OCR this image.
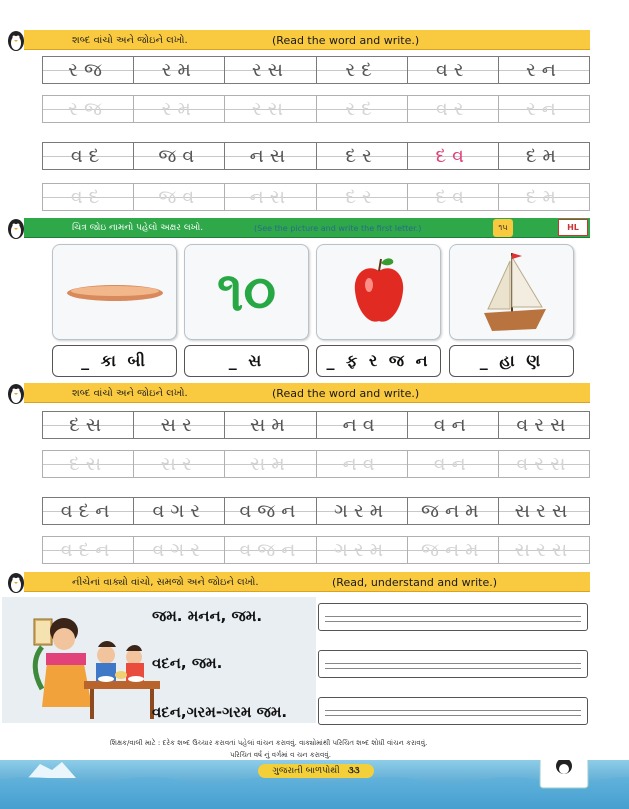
શબ્દ વાંચો અને જોઇને લખો.	(Read the word and write.)
રજ	રમ	રસ	રદ	વર	રન
રજ	રમ	રસ	રદ	વર	રન
વદ	જવ	નસ	દર	દવ	દમ
વદ	જવ	નસ	દર	દવ	દમ
ચિત્ર જોઇ નામનો પહેલો અક્ષર લખો.	(See the picture and write the first letter.)	૧૫	HL
૧૦
_ કા બી	_ સ	_ ફ ર જ ન	_ હા ણ
શબ્દ વાંચો અને જોઇને લખો.	(Read the word and write.)
દસ	સર	સમ	નવ	વન વરસ
દસ	સર	સમ	નવ	વન વરસ
વદન વગર વજન ગરમ જનમ સરસ
વદન વગર વજન ગરમ જનમ સરસ
નીચેનાં વાક્યો વાંચો, સમજો અને જોઇને લખો.	(Read, understand and write.)
જમ. મનન, જમ.
વદન, જમ.
વદન,ગરમ-ગરમ જમ.
શિક્ષક/વાલી માટે : દરેક શબ્દ ઉચ્ચાર કરાવતાં પહેલાં વાંચન કરાવવું. વાક્યોમાંથી પરિચિત શબ્દ શોધી વાંચન કરાવવું.
પરિચિત વર્ષ નું વર્ગમાં વ ચન કરાવવું.
ગુજરાતી બાળપોથી ૩૩
